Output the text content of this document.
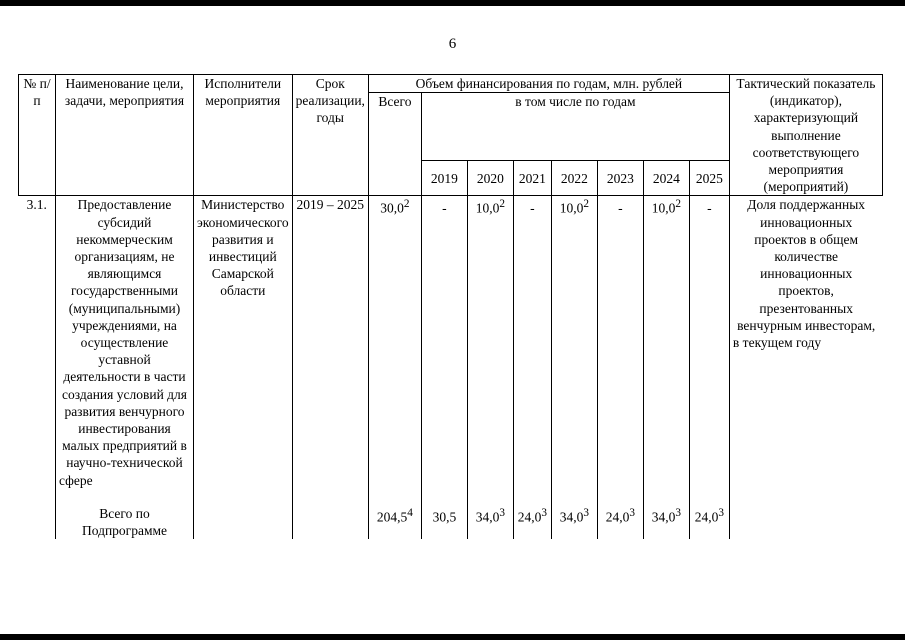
6
№ п/п	Наименование цели, задачи, мероприятия	Исполнители мероприятия	Срок реализации, годы	Объем финансирования по годам, млн. рублей								Тактический показатель (индикатор), характеризующий выполнение соответствующего мероприятия (мероприятий)
				Всего	в том числе по годам							
					2019	2020	2021	2022	2023	2024	2025	
3.1.	Предоставление субсидий некоммерческим организациям, не являющимся государственными (муниципальными) учреждениями, на осуществление уставной деятельности в части создания условий для развития венчурного инвестирования малых предприятий в научно-технической сфере	Министерство экономического развития и инвестиций Самарской области	2019 – 2025	30,0$^2$	-	10,0$^2$	-	10,0$^2$	-	10,0$^2$	-	Доля поддержанных инновационных проектов в общем количестве инновационных проектов, презентованных венчурным инвесторам, в текущем году
	Всего по Подпрограмме			204,5$^4$	30,5	34,0$^3$	24,0$^3$	34,0$^3$	24,0$^3$	34,0$^3$	24,0$^3$	
